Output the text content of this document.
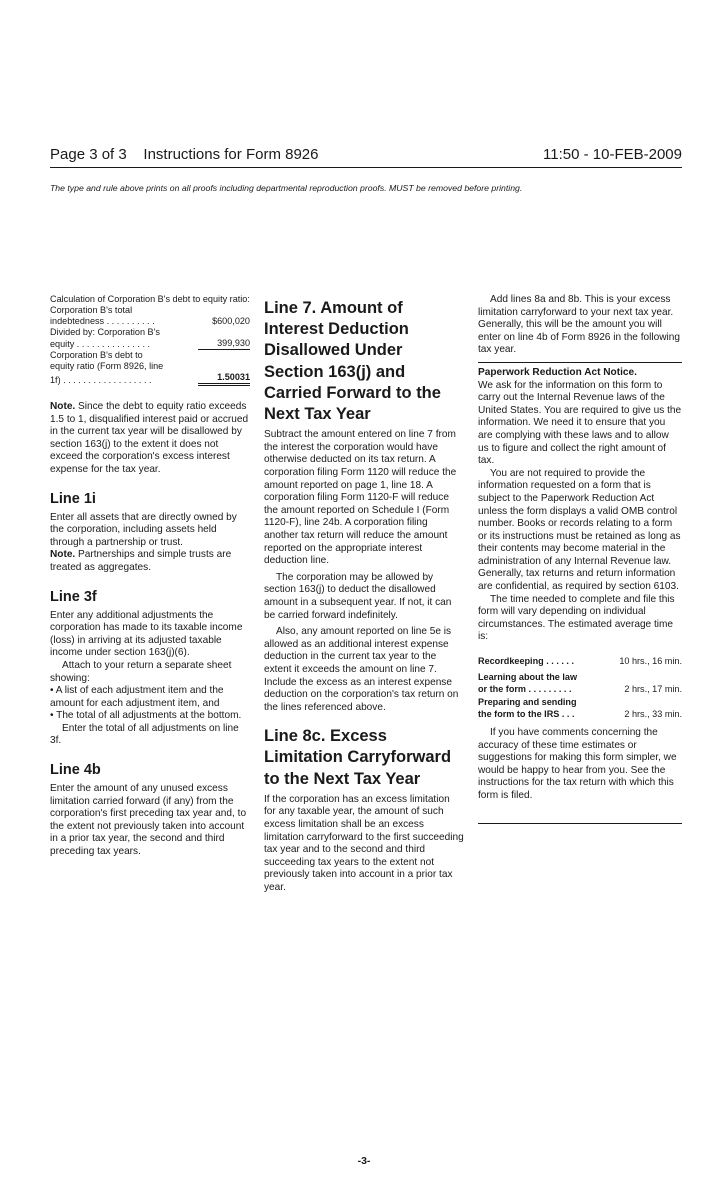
Page 3 of 3    Instructions for Form 8926	11:50 - 10-FEB-2009
The type and rule above prints on all proofs including departmental reproduction proofs. MUST be removed before printing.
Calculation of Corporation B's debt to equity ratio:
Corporation B's total
indebtedness . . . . . . . . . .	$600,020
Divided by: Corporation B's
equity . . . . . . . . . . . . . . .	399,930
Corporation B's debt to
equity ratio (Form 8926, line
1f) . . . . . . . . . . . . . . . . . .	1.50031

Note. Since the debt to equity ratio exceeds 1.5 to 1, disqualified interest paid or accrued in the current tax year will be disallowed by section 163(j) to the extent it does not exceed the corporation's excess interest expense for the tax year.

Line 1i

Enter all assets that are directly owned by the corporation, including assets held through a partnership or trust.

Note. Partnerships and simple trusts are treated as aggregates.

Line 3f

Enter any additional adjustments the corporation has made to its taxable income (loss) in arriving at its adjusted taxable income under section 163(j)(6).

Attach to your return a separate sheet showing:

• A list of each adjustment item and the amount for each adjustment item, and

• The total of all adjustments at the bottom.

Enter the total of all adjustments on line 3f.

Line 4b

Enter the amount of any unused excess limitation carried forward (if any) from the corporation's first preceding tax year and, to the extent not previously taken into account in a prior tax year, the second and third preceding tax years.

Line 7. Amount of
Interest Deduction
Disallowed Under
Section 163(j) and
Carried Forward to the
Next Tax Year

Subtract the amount entered on line 7 from the interest the corporation would have otherwise deducted on its tax return. A corporation filing Form 1120 will reduce the amount reported on page 1, line 18. A corporation filing Form 1120-F will reduce the amount reported on Schedule I (Form 1120-F), line 24b. A corporation filing another tax return will reduce the amount reported on the appropriate interest deduction line.

The corporation may be allowed by section 163(j) to deduct the disallowed amount in a subsequent year. If not, it can be carried forward indefinitely.

Also, any amount reported on line 5e is allowed as an additional interest expense deduction in the current tax year to the extent it exceeds the amount on line 7. Include the excess as an interest expense deduction on the corporation's tax return on the lines referenced above.

Line 8c. Excess
Limitation Carryforward
to the Next Tax Year

If the corporation has an excess limitation for any taxable year, the amount of such excess limitation shall be an excess limitation carryforward to the first succeeding tax year and to the second and third succeeding tax years to the extent not previously taken into account in a prior tax year.

Add lines 8a and 8b. This is your excess limitation carryforward to your next tax year. Generally, this will be the amount you will enter on line 4b of Form 8926 in the following tax year.

Paperwork Reduction Act Notice.

We ask for the information on this form to carry out the Internal Revenue laws of the United States. You are required to give us the information. We need it to ensure that you are complying with these laws and to allow us to figure and collect the right amount of tax.

You are not required to provide the information requested on a form that is subject to the Paperwork Reduction Act unless the form displays a valid OMB control number. Books or records relating to a form or its instructions must be retained as long as their contents may become material in the administration of any Internal Revenue law. Generally, tax returns and return information are confidential, as required by section 6103.

The time needed to complete and file this form will vary depending on individual circumstances. The estimated average time is:

Recordkeeping . . . . . .	10 hrs., 16 min.
Learning about the law
or the form . . . . . . . . .	2 hrs., 17 min.
Preparing and sending
the form to the IRS . . .	2 hrs., 33 min.

If you have comments concerning the accuracy of these time estimates or suggestions for making this form simpler, we would be happy to hear from you. See the instructions for the tax return with which this form is filed.

-3-
